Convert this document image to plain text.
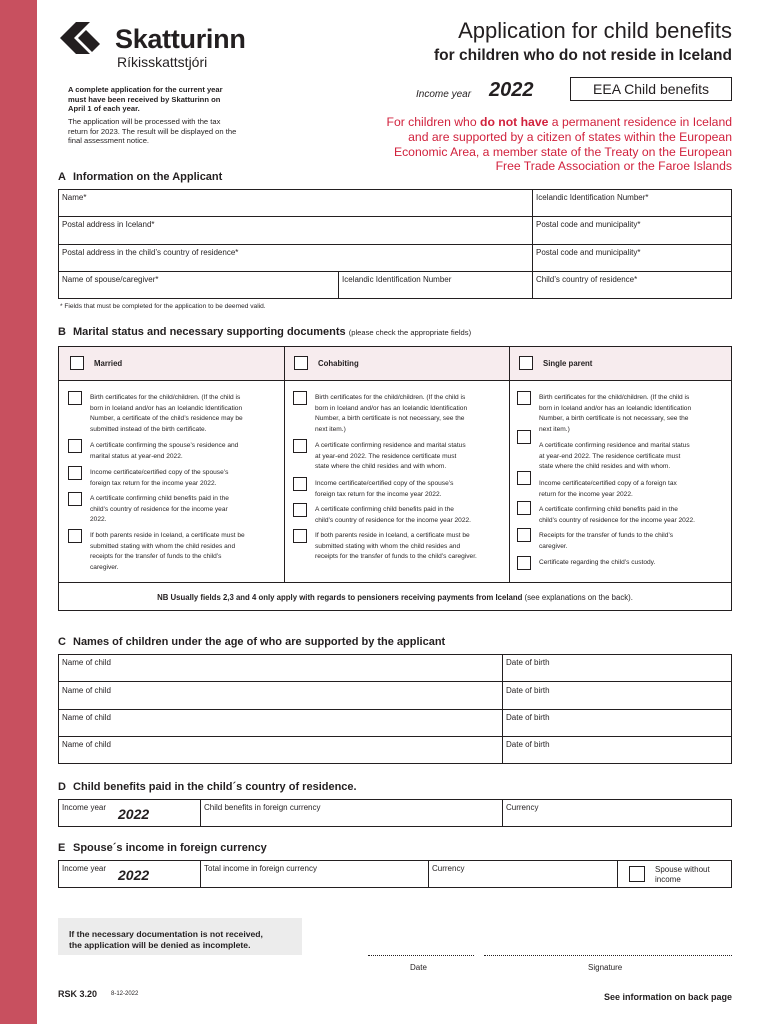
Skatturinn
Ríkisskattstjóri
Application for child benefits
for children who do not reside in Iceland
A complete application for the current year
must have been received by Skatturinn on
April 1 of each year.
The application will be processed with the tax
return for 2023. The result will be displayed on the
final assessment notice.
Income year 2022	EEA Child benefits
For children who do not have a permanent residence in Iceland
and are supported by a citizen of states within the European
Economic Area, a member state of the Treaty on the European
Free Trade Association or the Faroe Islands
A Information on the Applicant
Name*	Icelandic Identification Number*
Postal address in Iceland*	Postal code and municipality*
Postal address in the child’s country of residence*	Postal code and municipality*
Name of spouse/caregiver*	Icelandic Identification Number	Child’s country of residence*
* Fields that must be completed for the application to be deemed valid.
B Marital status and necessary supporting documents (please check the appropriate fields)
Married	Cohabiting	Single parent
Birth certificates for the child/children. (If the child is
born in Iceland and/or has an Icelandic Identification
Number, a certificate of the child’s residence may be
submitted instead of the birth certificate.
A certificate confirming the spouse’s residence and
marital status at year-end 2022.
Income certificate/certified copy of the spouse’s
foreign tax return for the income year 2022.
A certificate confirming child benefits paid in the
child’s country of residence for the income year
2022.
If both parents reside in Iceland, a certificate must be
submitted stating with whom the child resides and
receipts for the transfer of funds to the child’s
caregiver.
Birth certificates for the child/children. (If the child is
born in Iceland and/or has an Icelandic Identification
Number, a birth certificate is not necessary, see the
next item.)
A certificate confirming residence and marital status
at year-end 2022. The residence certificate must
state where the child resides and with whom.
Income certificate/certified copy of the spouse’s
foreign tax return for the income year 2022.
A certificate confirming child benefits paid in the
child’s country of residence for the income year 2022.
If both parents reside in Iceland, a certificate must be
submitted stating with whom the child resides and
receipts for the transfer of funds to the child’s caregiver.
Birth certificates for the child/children. (If the child is
born in Iceland and/or has an Icelandic Identification
Number, a birth certificate is not necessary, see the
next item.)
A certificate confirming residence and marital status
at year-end 2022. The residence certificate must
state where the child resides and with whom.
Income certificate/certified copy of a foreign tax
return for the income year 2022.
A certificate confirming child benefits paid in the
child’s country of residence for the income year 2022.
Receipts for the transfer of funds to the child’s
caregiver.
Certificate regarding the child’s custody.
NB Usually fields 2,3 and 4 only apply with regards to pensioners receiving payments from Iceland (see explanations on the back).
C Names of children under the age of who are supported by the applicant
Name of child	Date of birth
Name of child	Date of birth
Name of child	Date of birth
Name of child	Date of birth
D Child benefits paid in the child´s country of residence.
Income year 2022	Child benefits in foreign currency	Currency
E Spouse´s income in foreign currency
Income year 2022	Total income in foreign currency	Currency	Spouse without
income
If the necessary documentation is not received,
the application will be denied as incomplete.
Date	Signature
RSK 3.20 8-12-2022	See information on back page
